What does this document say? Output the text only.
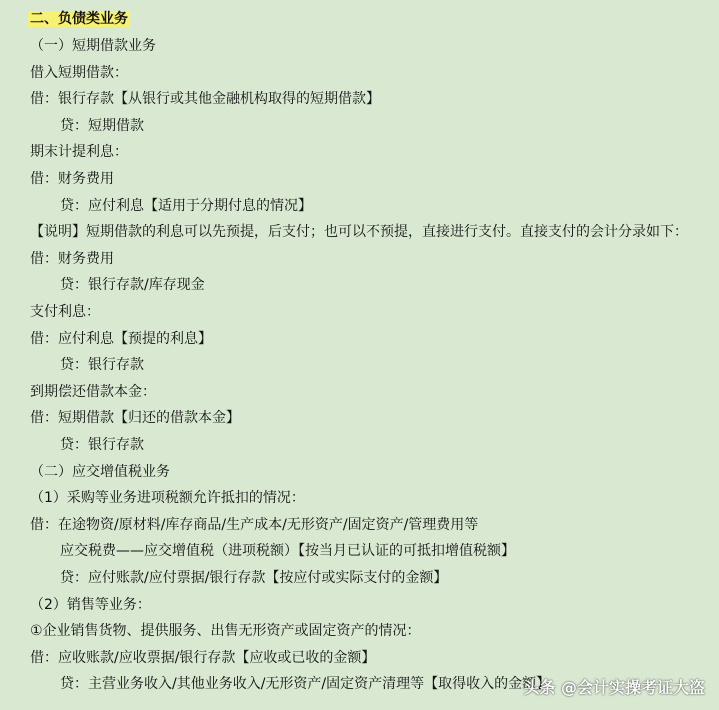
二、负债类业务
（一）短期借款业务
借入短期借款：
借：银行存款【从银行或其他金融机构取得的短期借款】
贷：短期借款
期末计提利息：
借：财务费用
贷：应付利息【适用于分期付息的情况】
【说明】短期借款的利息可以先预提，后支付；也可以不预提，直接进行支付。直接支付的会计分录如下：
借：财务费用
贷：银行存款/库存现金
支付利息：
借：应付利息【预提的利息】
贷：银行存款
到期偿还借款本金：
借：短期借款【归还的借款本金】
贷：银行存款
（二）应交增值税业务
（1）采购等业务进项税额允许抵扣的情况：
借：在途物资/原材料/库存商品/生产成本/无形资产/固定资产/管理费用等
应交税费——应交增值税（进项税额）【按当月已认证的可抵扣增值税额】
贷：应付账款/应付票据/银行存款【按应付或实际支付的金额】
（2）销售等业务：
①企业销售货物、提供服务、出售无形资产或固定资产的情况：
借：应收账款/应收票据/银行存款【应收或已收的金额】
贷：主营业务收入/其他业务收入/无形资产/固定资产清理等【取得收入的金额】
头条 @会计实操考证大盗
